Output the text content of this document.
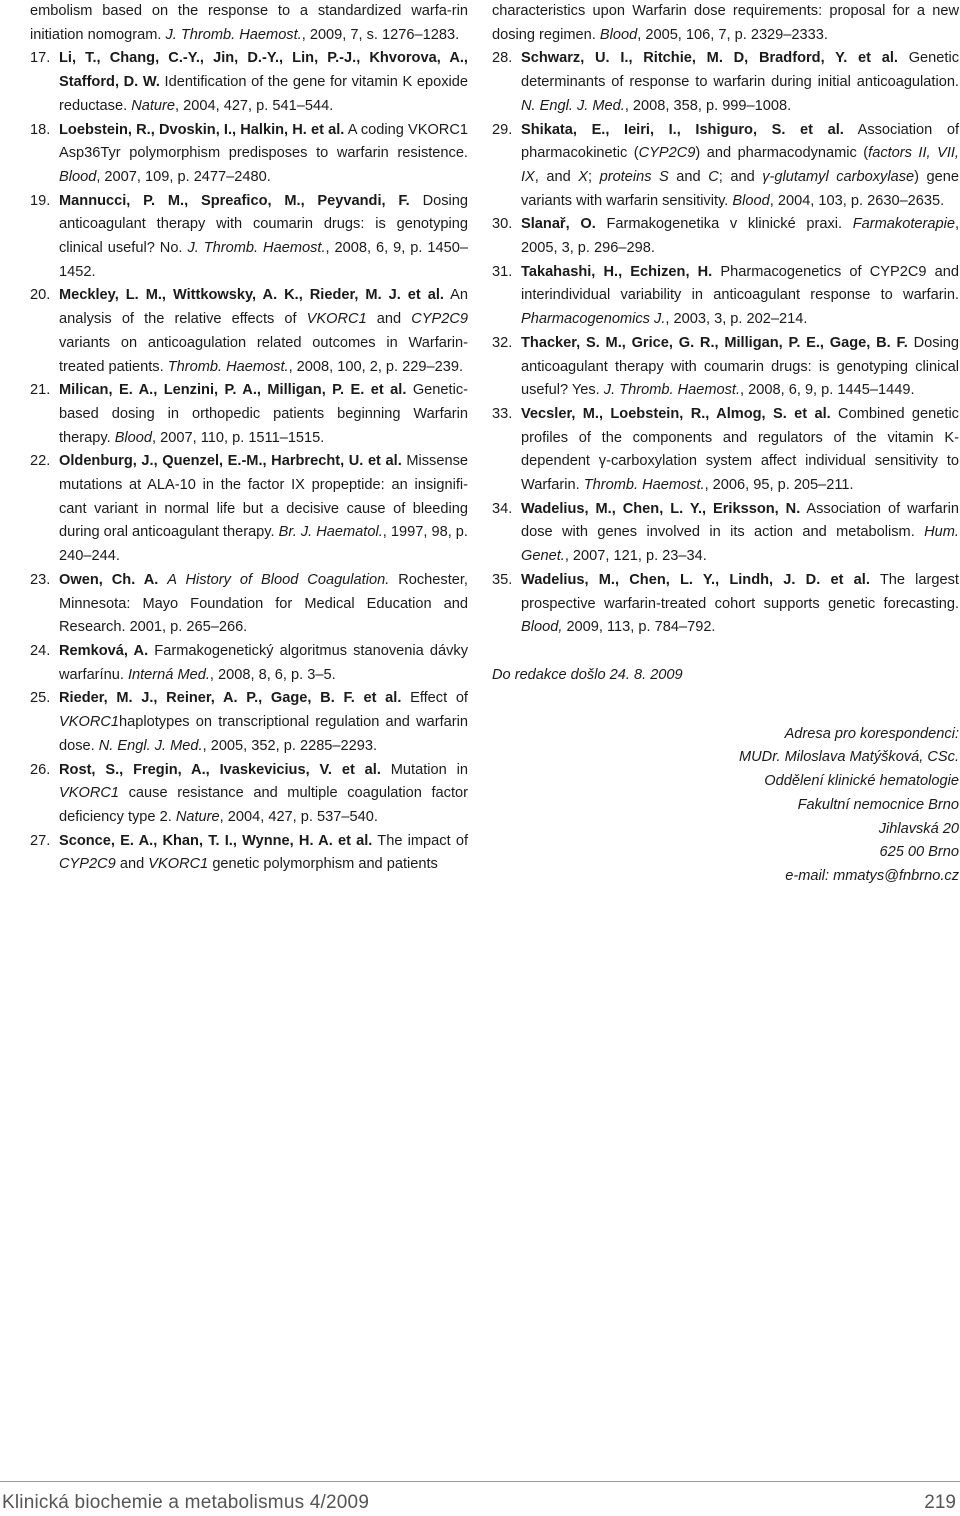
embolism based on the response to a standardized warfa-rin initiation nomogram. J. Thromb. Haemost., 2009, 7, s. 1276–1283.
17. Li, T., Chang, C.-Y., Jin, D.-Y., Lin, P.-J., Khvorova, A., Stafford, D. W. Identification of the gene for vitamin K epoxide reductase. Nature, 2004, 427, p. 541–544.
18. Loebstein, R., Dvoskin, I., Halkin, H. et al. A coding VKORC1 Asp36Tyr polymorphism predisposes to warfarin resistence. Blood, 2007, 109, p. 2477–2480.
19. Mannucci, P. M., Spreafico, M., Peyvandi, F. Dosing anticoagulant therapy with coumarin drugs: is genotyping clinical useful? No. J. Thromb. Haemost., 2008, 6, 9, p. 1450–1452.
20. Meckley, L. M., Wittkowsky, A. K., Rieder, M. J. et al. An analysis of the relative effects of VKORC1 and CYP2C9 variants on anticoagulation related outcomes in Warfarin-treated patients. Thromb. Haemost., 2008, 100, 2, p. 229–239.
21. Milican, E. A., Lenzini, P. A., Milligan, P. E. et al. Genetic-based dosing in orthopedic patients beginning Warfarin therapy. Blood, 2007, 110, p. 1511–1515.
22. Oldenburg, J., Quenzel, E.-M., Harbrecht, U. et al. Missense mutations at ALA-10 in the factor IX propeptide: an insignifi-cant variant in normal life but a decisive cause of bleeding during oral anticoagulant therapy. Br. J. Haematol., 1997, 98, p. 240–244.
23. Owen, Ch. A. A History of Blood Coagulation. Rochester, Minnesota: Mayo Foundation for Medical Education and Research. 2001, p. 265–266.
24. Remková, A. Farmakogenetický algoritmus stanovenia dávky warfarínu. Interná Med., 2008, 8, 6, p. 3–5.
25. Rieder, M. J., Reiner, A. P., Gage, B. F. et al. Effect of VKORC1haplotypes on transcriptional regulation and warfarin dose. N. Engl. J. Med., 2005, 352, p. 2285–2293.
26. Rost, S., Fregin, A., Ivaskevicius, V. et al. Mutation in VKORC1 cause resistance and multiple coagulation factor deficiency type 2. Nature, 2004, 427, p. 537–540.
27. Sconce, E. A., Khan, T. I., Wynne, H. A. et al. The impact of CYP2C9 and VKORC1 genetic polymorphism and patients
characteristics upon Warfarin dose requirements: proposal for a new dosing regimen. Blood, 2005, 106, 7, p. 2329–2333.
28. Schwarz, U. I., Ritchie, M. D, Bradford, Y. et al. Genetic determinants of response to warfarin during initial anticoagulation. N. Engl. J. Med., 2008, 358, p. 999–1008.
29. Shikata, E., Ieiri, I., Ishiguro, S. et al. Association of pharmacokinetic (CYP2C9) and pharmacodynamic (factors II, VII, IX, and X; proteins S and C; and γ-glutamyl carboxylase) gene variants with warfarin sensitivity. Blood, 2004, 103, p. 2630–2635.
30. Slanař, O. Farmakogenetika v klinické praxi. Farmakoterapie, 2005, 3, p. 296–298.
31. Takahashi, H., Echizen, H. Pharmacogenetics of CYP2C9 and interindividual variability in anticoagulant response to warfarin. Pharmacogenomics J., 2003, 3, p. 202–214.
32. Thacker, S. M., Grice, G. R., Milligan, P. E., Gage, B. F. Dosing anticoagulant therapy with coumarin drugs: is genotyping clinical useful? Yes. J. Thromb. Haemost., 2008, 6, 9, p. 1445–1449.
33. Vecsler, M., Loebstein, R., Almog, S. et al. Combined genetic profiles of the components and regulators of the vitamin K-dependent γ-carboxylation system affect individual sensitivity to Warfarin. Thromb. Haemost., 2006, 95, p. 205–211.
34. Wadelius, M., Chen, L. Y., Eriksson, N. Association of warfarin dose with genes involved in its action and metabolism. Hum. Genet., 2007, 121, p. 23–34.
35. Wadelius, M., Chen, L. Y., Lindh, J. D. et al. The largest prospective warfarin-treated cohort supports genetic forecasting. Blood, 2009, 113, p. 784–792.
Do redakce došlo 24. 8. 2009
Adresa pro korespondenci:
MUDr. Miloslava Matýšková, CSc.
Oddělení klinické hematologie
Fakultní nemocnice Brno
Jihlavská 20
625 00 Brno
e-mail: mmatys@fnbrno.cz
Klinická biochemie a metabolismus 4/2009	219
